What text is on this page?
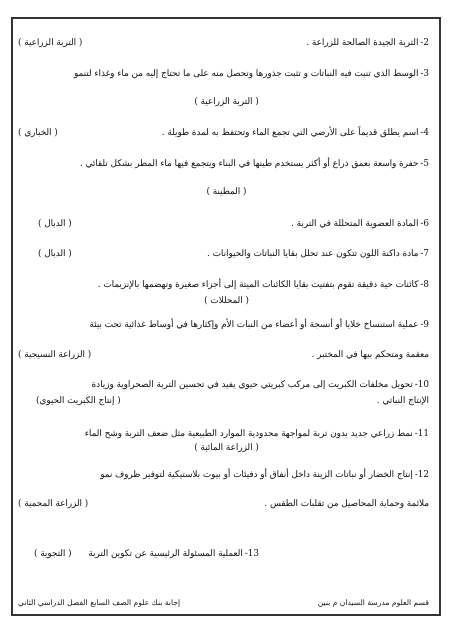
2-التربة الجيدة الصالحة للزراعة .
( التربة الزراعية )
3-الوسط الذي تنبت فيه النباتات و تثبت جذورها وتحصل منه على ما تحتاج إليه من ماء وغذاء لتنمو
( التربة الزراعية )
4-اسم يطلق قديماً على الأرضي التي تجمع الماء وتحتفظ به لمدة طويلة .
( الخباري )
5-حفرة واسعة بعمق ذراع أو أكثر يستخدم طينها في البناء ويتجمع فيها ماء المطر بشكل تلقائي .
( المطينة )
6-المادة العضوية المتحللة في التربة .
( الدبال )
7-مادة داكنة اللون تتكون عند تحلل بقايا النباتات والحيوانات .
( الدبال )
8-كائنات حية دقيقة تقوم بتفتيت بقايا الكائنات الميتة إلى أجزاء صغيرة وتهضمها بالإنزيمات .
( المحللات )
9-عملية استنساخ خلايا أو أنسجة أو أعضاء من النبات الأم وإكثارها في أوساط غذائية تحت بيئة
معقمة ومتحكم بيها في المختبر .
( الزراعة النسيجية )
10-تحويل مخلفات الكبريت إلى مركب كبريتي حيوي يفيد في تحسين التربة الصحراوية وزيادة
الإنتاج النباتي .
( إنتاج الكبريت الحيوي)
11-نمط زراعي جديد بدون تربة لمواجهة محدودية الموارد الطبيعية مثل ضعف التربة وشح الماء
( الزراعة المائية )
12-إنتاج الخضار أو نباتات الزينة داخل أنفاق أو دفيئات أو بيوت بلاستيكية لتوفير ظروف نمو
ملائمة وحماية المحاصيل من تقلبات الطقس .
( الزراعة المحمية )
13-العملية المسئولة الرئيسية عن تكوين التربة ( التجوية )
قسم العلوم مدرسة السيدان م بنين
إجابة بنك علوم الصف السابع الفصل الدراسي الثاني
